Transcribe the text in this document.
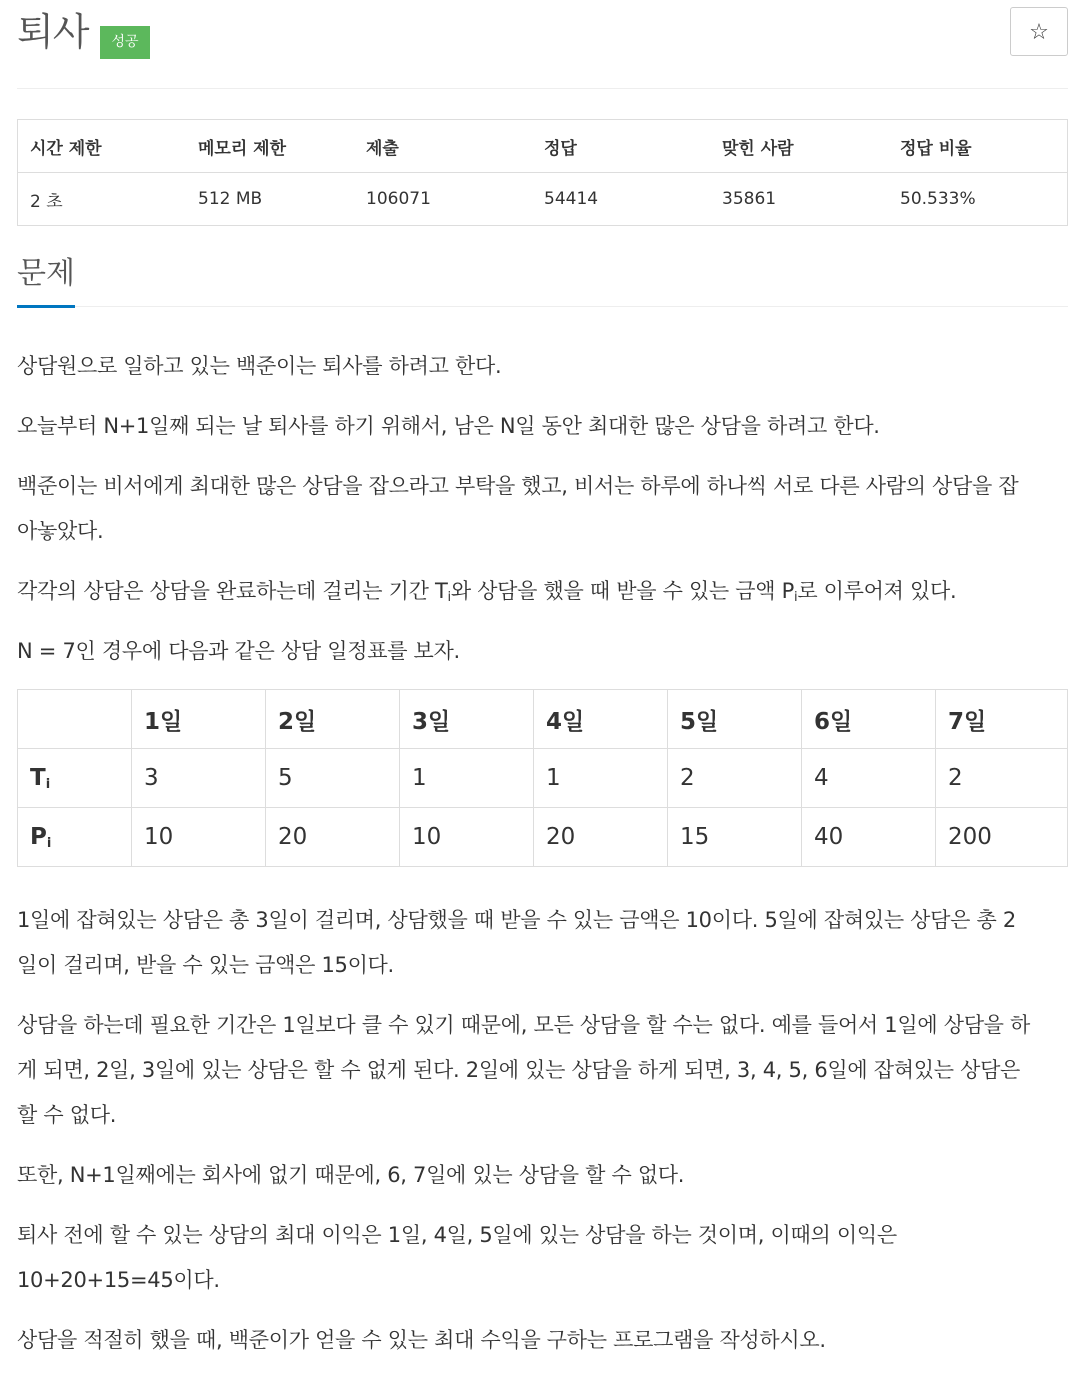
퇴사	성공	☆
시간 제한	메모리 제한	제출	정답	맞힌 사람	정답 비율
2 초	512 MB	106071	54414	35861	50.533%
문제

상담원으로 일하고 있는 백준이는 퇴사를 하려고 한다.

오늘부터 N+1일째 되는 날 퇴사를 하기 위해서, 남은 N일 동안 최대한 많은 상담을 하려고 한다.

백준이는 비서에게 최대한 많은 상담을 잡으라고 부탁을 했고, 비서는 하루에 하나씩 서로 다른 사람의 상담을 잡

아놓았다.

각각의 상담은 상담을 완료하는데 걸리는 기간 $T_i$와 상담을 했을 때 받을 수 있는 금액 $P_i$로 이루어져 있다.

N = 7인 경우에 다음과 같은 상담 일정표를 보자.

	1일	2일	3일	4일	5일	6일	7일
$T_i$	3	5	1	1	2	4	2
$P_i$	10	20	10	20	15	40	200

1일에 잡혀있는 상담은 총 3일이 걸리며, 상담했을 때 받을 수 있는 금액은 10이다. 5일에 잡혀있는 상담은 총 2

일이 걸리며, 받을 수 있는 금액은 15이다.

상담을 하는데 필요한 기간은 1일보다 클 수 있기 때문에, 모든 상담을 할 수는 없다. 예를 들어서 1일에 상담을 하

게 되면, 2일, 3일에 있는 상담은 할 수 없게 된다. 2일에 있는 상담을 하게 되면, 3, 4, 5, 6일에 잡혀있는 상담은

할 수 없다.

또한, N+1일째에는 회사에 없기 때문에, 6, 7일에 있는 상담을 할 수 없다.

퇴사 전에 할 수 있는 상담의 최대 이익은 1일, 4일, 5일에 있는 상담을 하는 것이며, 이때의 이익은

10+20+15=45이다.

상담을 적절히 했을 때, 백준이가 얻을 수 있는 최대 수익을 구하는 프로그램을 작성하시오.
